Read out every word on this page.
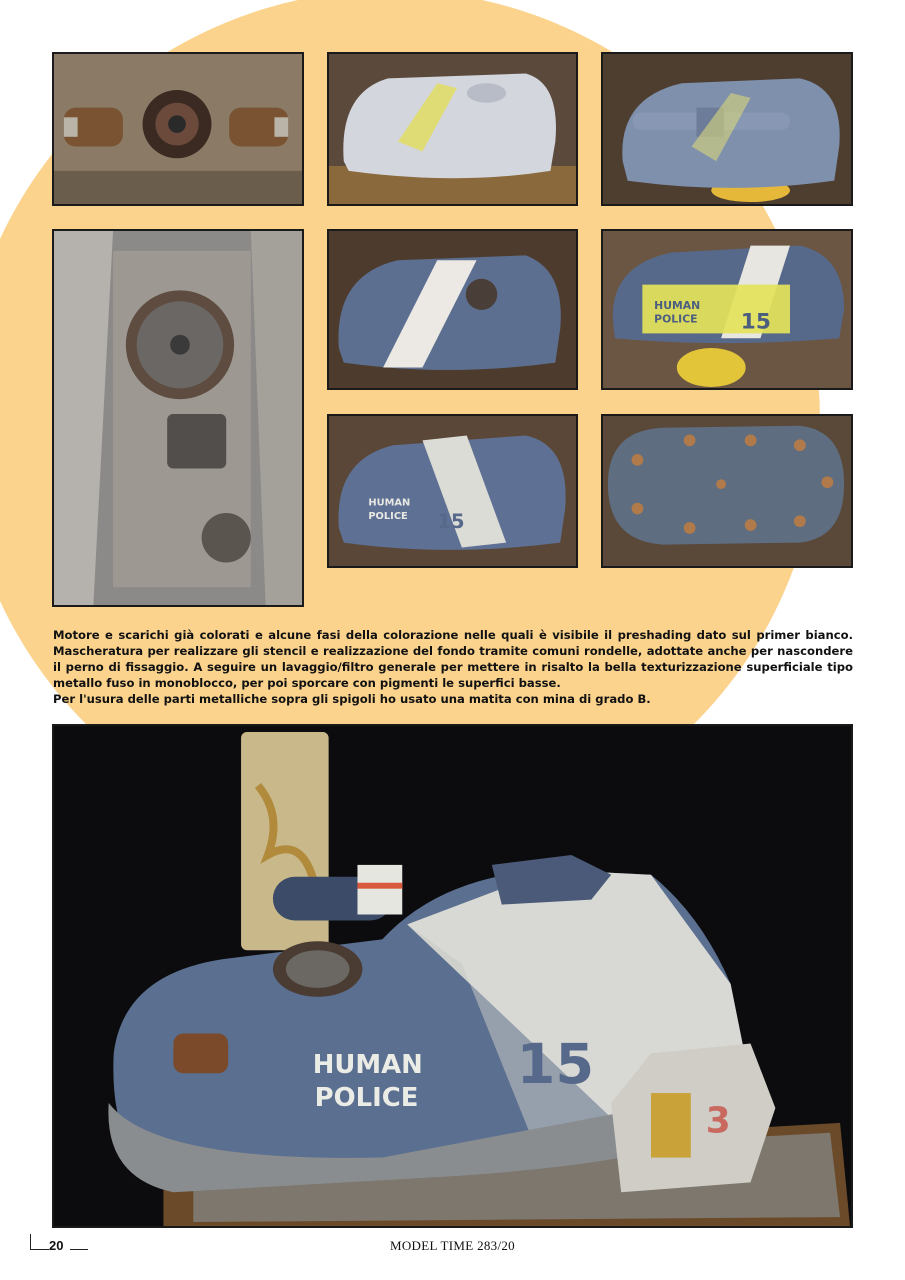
HUMAN
POLICE 15
HUMAN
POLICE 15

Motore e scarichi già colorati e alcune fasi della colorazione nelle quali è visibile il preshading dato sul primer bianco. Mascheratura per realizzare gli stencil e realizzazione del fondo tramite comuni rondelle, adottate anche per nascondere il perno di fissaggio. A seguire un lavaggio/filtro generale per mettere in risalto la bella texturizzazione superficiale tipo metallo fuso in monoblocco, per poi sporcare con pigmenti le superfici basse.

Per l'usura delle parti metalliche sopra gli spigoli ho usato una matita con mina di grado B.

3
HUMAN
POLICE
15
20	MODEL TIME 283/20
